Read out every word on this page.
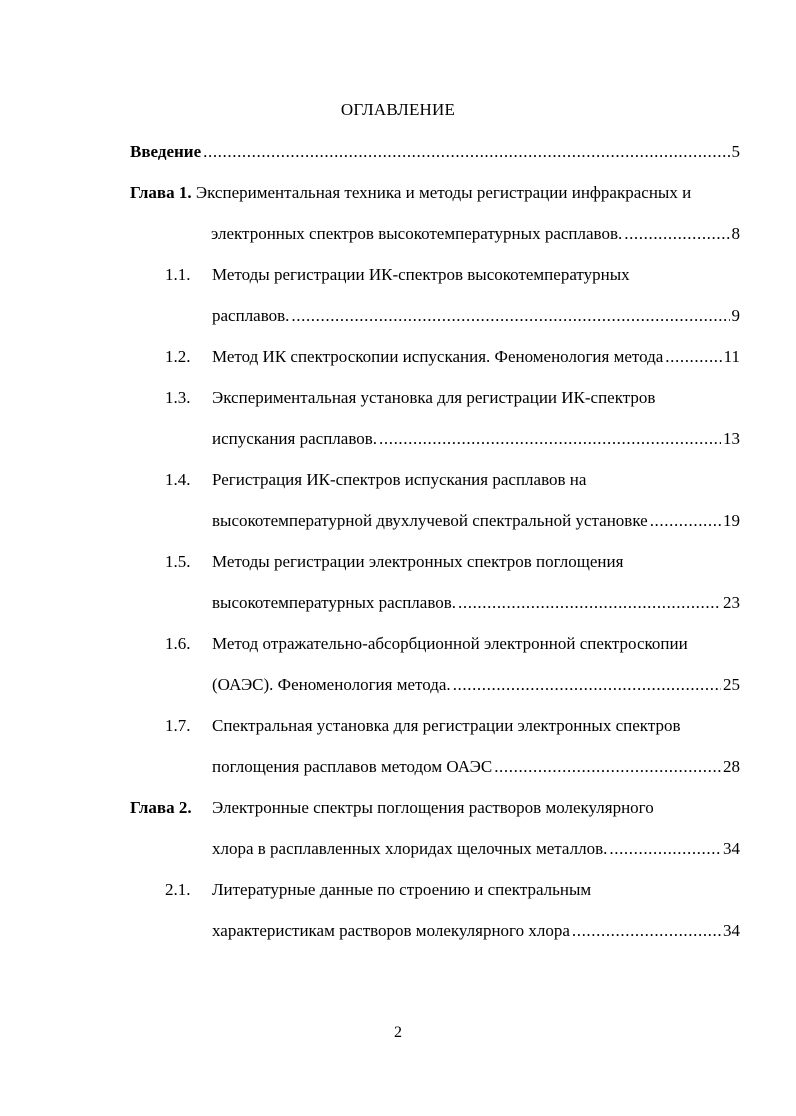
ОГЛАВЛЕНИЕ
Введение .....	5
Глава 1. Экспериментальная техника и методы регистрации инфракрасных и
электронных спектров высокотемпературных расплавов. .....	8
1.1. Методы регистрации ИК-спектров высокотемпературных
расплавов. .....	9
1.2. Метод ИК спектроскопии испускания. Феноменология метода .....	11
1.3. Экспериментальная установка для регистрации ИК-спектров
испускания расплавов. .....	13
1.4. Регистрация ИК-спектров испускания расплавов на
высокотемпературной двухлучевой спектральной установке .....	19
1.5. Методы регистрации электронных спектров поглощения
высокотемпературных расплавов. .....	23
1.6. Метод отражательно-абсорбционной электронной спектроскопии
(ОАЭС). Феноменология метода. .....	25
1.7. Спектральная установка для регистрации электронных спектров
поглощения расплавов методом ОАЭС .....	28
Глава 2. Электронные спектры поглощения растворов молекулярного
хлора в расплавленных хлоридах щелочных металлов. .....	34
2.1. Литературные данные по строению и спектральным
характеристикам растворов молекулярного хлора .....	34
2
